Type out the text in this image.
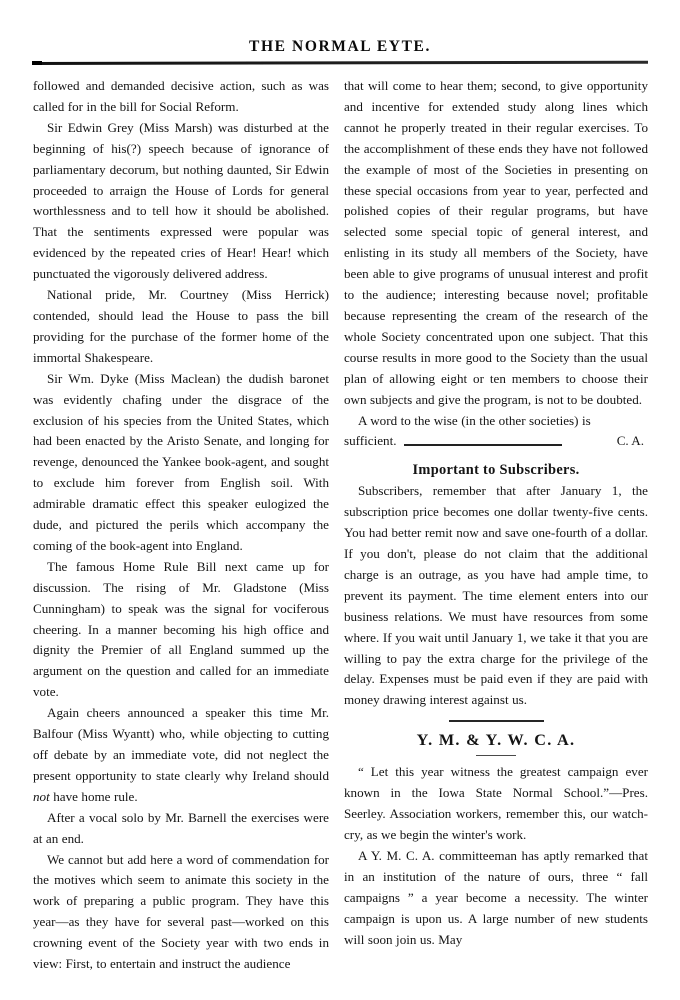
THE NORMAL EYTE.

followed and demanded decisive action, such as was called for in the bill for Social Reform.

Sir Edwin Grey (Miss Marsh) was disturbed at the beginning of his(?) speech because of ignorance of parliamentary decorum, but nothing daunted, Sir Edwin proceeded to arraign the House of Lords for general worthlessness and to tell how it should be abolished. That the sentiments expressed were popular was evidenced by the repeated cries of Hear! Hear! which punctuated the vigorously delivered address.

National pride, Mr. Courtney (Miss Herrick) contended, should lead the House to pass the bill providing for the purchase of the former home of the immortal Shakespeare.

Sir Wm. Dyke (Miss Maclean) the dudish baronet was evidently chafing under the disgrace of the exclusion of his species from the United States, which had been enacted by the Aristo Senate, and longing for revenge, denounced the Yankee book-agent, and sought to exclude him forever from English soil. With admirable dramatic effect this speaker eulogized the dude, and pictured the perils which accompany the coming of the book-agent into England.

The famous Home Rule Bill next came up for discussion. The rising of Mr. Gladstone (Miss Cunningham) to speak was the signal for vociferous cheering. In a manner becoming his high office and dignity the Premier of all England summed up the argument on the question and called for an immediate vote.

Again cheers announced a speaker this time Mr. Balfour (Miss Wyantt) who, while objecting to cutting off debate by an immediate vote, did not neglect the present opportunity to state clearly why Ireland should not have home rule.

After a vocal solo by Mr. Barnell the exercises were at an end.

We cannot but add here a word of commendation for the motives which seem to animate this society in the work of preparing a public program. They have this year—as they have for several past—worked on this crowning event of the Society year with two ends in view: First, to entertain and instruct the audience

that will come to hear them; second, to give opportunity and incentive for extended study along lines which cannot he properly treated in their regular exercises. To the accomplishment of these ends they have not followed the example of most of the Societies in presenting on these special occasions from year to year, perfected and polished copies of their regular programs, but have selected some special topic of general interest, and enlisting in its study all members of the Society, have been able to give programs of unusual interest and profit to the audience; interesting because novel; profitable because representing the cream of the research of the whole Society concentrated upon one subject. That this course results in more good to the Society than the usual plan of allowing eight or ten members to choose their own subjects and give the program, is not to be doubted.

A word to the wise (in the other societies) is

sufficient.	C. A.
Important to Subscribers.

Subscribers, remember that after January 1, the subscription price becomes one dollar twenty-five cents. You had better remit now and save one-fourth of a dollar. If you don't, please do not claim that the additional charge is an outrage, as you have had ample time, to prevent its payment. The time element enters into our business relations. We must have resources from some where. If you wait until January 1, we take it that you are willing to pay the extra charge for the privilege of the delay. Expenses must be paid even if they are paid with money drawing interest against us.

Y. M. & Y. W. C. A.

“ Let this year witness the greatest campaign ever known in the Iowa State Normal School.”—Pres. Seerley. Association workers, remember this, our watch-cry, as we begin the winter's work.

A Y. M. C. A. committeeman has aptly remarked that in an institution of the nature of ours, three “ fall campaigns ” a year become a necessity. The winter campaign is upon us. A large number of new students will soon join us. May
